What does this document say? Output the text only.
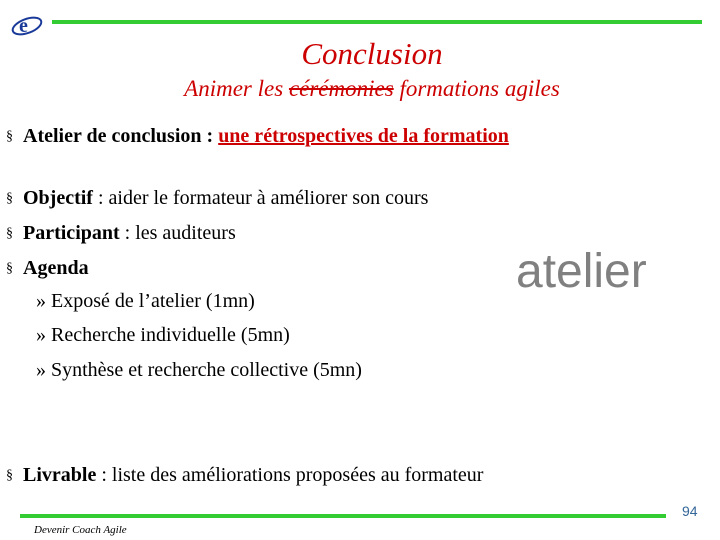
e
Conclusion
Animer les cérémonies formations agiles
§ Atelier de conclusion : une rétrospectives de la formation
§ Objectif : aider le formateur à améliorer son cours
§ Participant : les auditeurs
§ Agenda
» Exposé de l’atelier (1mn)
» Recherche individuelle (5mn)
» Synthèse et recherche collective (5mn)
atelier
§ Livrable : liste des améliorations proposées au formateur
94
Devenir Coach Agile
